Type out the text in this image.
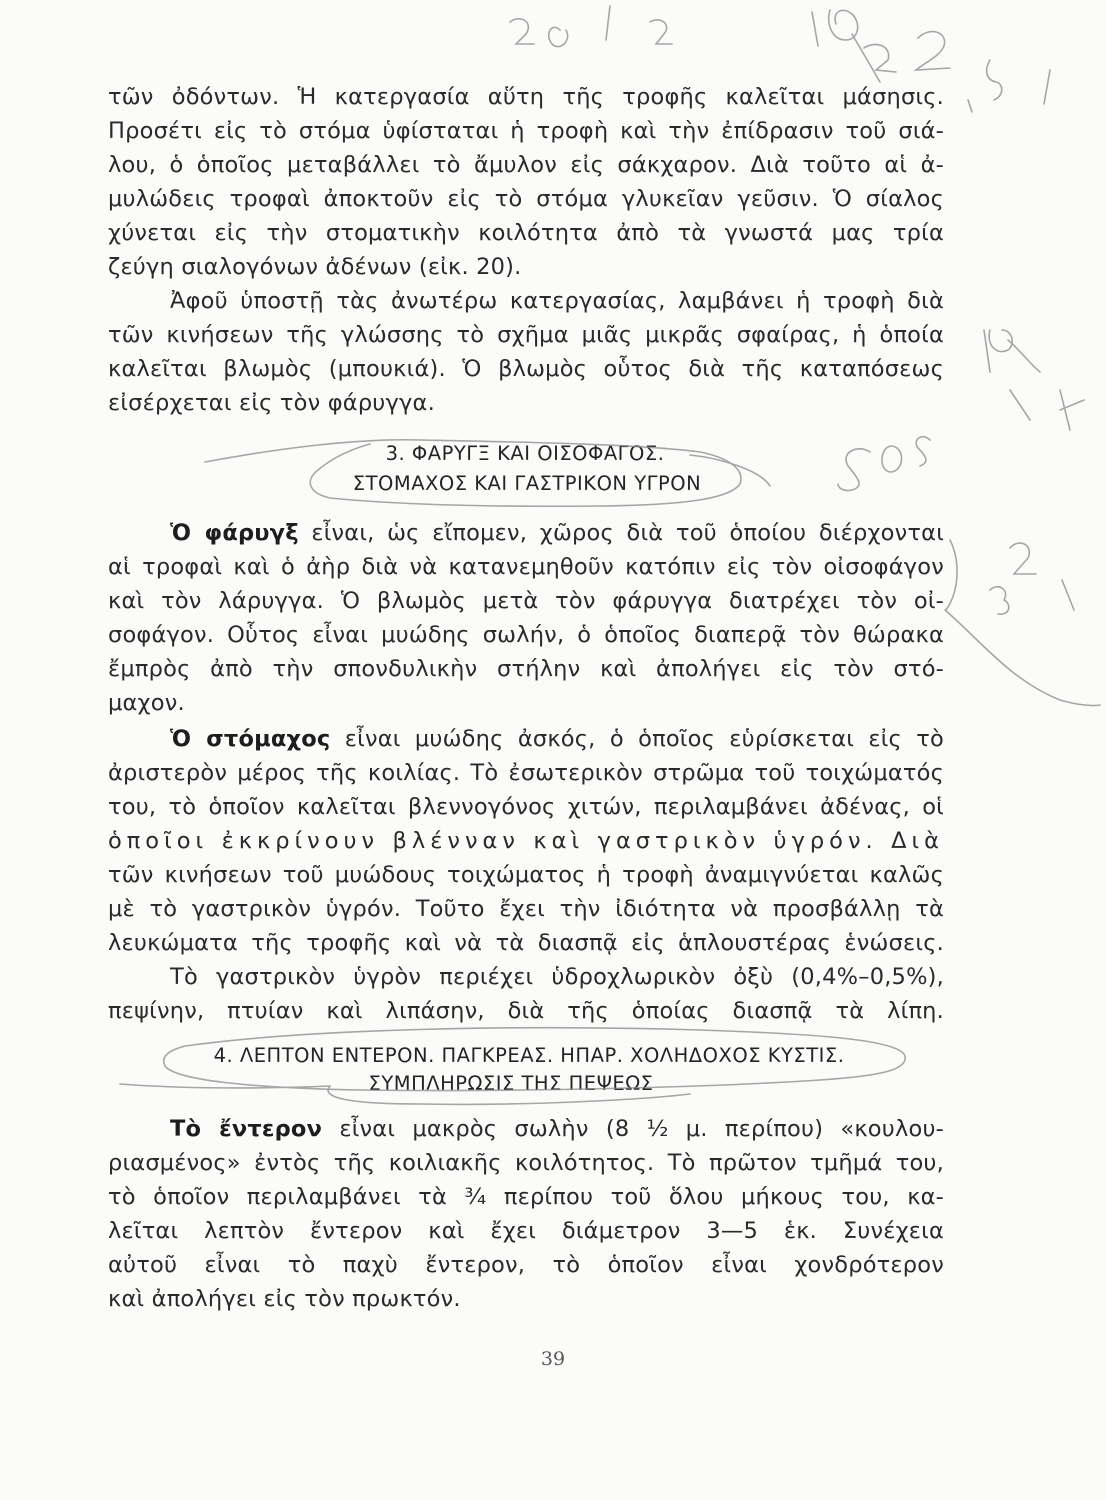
τῶν ὀδόντων. Ἡ κατεργασία αὕτη τῆς τροφῆς καλεῖται μάσησις.
Προσέτι εἰς τὸ στόμα ὑφίσταται ἡ τροφὴ καὶ τὴν ἐπίδρασιν τοῦ σιά-
λου, ὁ ὁποῖος μεταβάλλει τὸ ἄμυλον εἰς σάκχαρον. Διὰ τοῦτο αἱ ἀ-
μυλώδεις τροφαὶ ἀποκτοῦν εἰς τὸ στόμα γλυκεῖαν γεῦσιν. Ὁ σίαλος
χύνεται εἰς τὴν στοματικὴν κοιλότητα ἀπὸ τὰ γνωστά μας τρία
ζεύγη σιαλογόνων ἀδένων (εἰκ. 20).
Ἀφοῦ ὑποστῇ τὰς ἀνωτέρω κατεργασίας, λαμβάνει ἡ τροφὴ διὰ
τῶν κινήσεων τῆς γλώσσης τὸ σχῆμα μιᾶς μικρᾶς σφαίρας, ἡ ὁποία
καλεῖται βλωμὸς (μπουκιά). Ὁ βλωμὸς οὗτος διὰ τῆς καταπόσεως
εἰσέρχεται εἰς τὸν φάρυγγα.
3. ΦΑΡΥΓΞ ΚΑΙ ΟΙΣΟΦΑΓΟΣ.
ΣΤΟΜΑΧΟΣ ΚΑΙ ΓΑΣΤΡΙΚΟΝ ΥΓΡΟΝ
Ὁ φάρυγξ εἶναι, ὡς εἴπομεν, χῶρος διὰ τοῦ ὁποίου διέρχονται
αἱ τροφαὶ καὶ ὁ ἀὴρ διὰ νὰ κατανεμηθοῦν κατόπιν εἰς τὸν οἰσοφάγον
καὶ τὸν λάρυγγα. Ὁ βλωμὸς μετὰ τὸν φάρυγγα διατρέχει τὸν οἰ-
σοφάγον. Οὗτος εἶναι μυώδης σωλήν, ὁ ὁποῖος διαπερᾷ τὸν θώρακα
ἔμπρὸς ἀπὸ τὴν σπονδυλικὴν στήλην καὶ ἀπολήγει εἰς τὸν στό-
μαχον.
Ὁ στόμαχος εἶναι μυώδης ἀσκός, ὁ ὁποῖος εὑρίσκεται εἰς τὸ
ἀριστερὸν μέρος τῆς κοιλίας. Τὸ ἐσωτερικὸν στρῶμα τοῦ τοιχώματός
του, τὸ ὁποῖον καλεῖται βλεννογόνος χιτών, περιλαμβάνει ἀδένας, οἱ
ὁποῖοι ἐκκρίνουν βλένναν καὶ γαστρικὸν ὑγρόν. Διὰ
τῶν κινήσεων τοῦ μυώδους τοιχώματος ἡ τροφὴ ἀναμιγνύεται καλῶς
μὲ τὸ γαστρικὸν ὑγρόν. Τοῦτο ἔχει τὴν ἰδιότητα νὰ προσβάλλῃ τὰ
λευκώματα τῆς τροφῆς καὶ νὰ τὰ διασπᾷ εἰς ἁπλουστέρας ἑνώσεις.
Τὸ γαστρικὸν ὑγρὸν περιέχει ὑδροχλωρικὸν ὀξὺ (0,4%–0,5%),
πεψίνην, πτυίαν καὶ λιπάσην, διὰ τῆς ὁποίας διασπᾷ τὰ λίπη.
4. ΛΕΠΤΟΝ ΕΝΤΕΡΟΝ. ΠΑΓΚΡΕΑΣ. ΗΠΑΡ. ΧΟΛΗΔΟΧΟΣ ΚΥΣΤΙΣ.
ΣΥΜΠΛΗΡΩΣΙΣ ΤΗΣ ΠΕΨΕΩΣ
Τὸ ἔντερον εἶναι μακρὸς σωλὴν (8 ½ μ. περίπου) «κουλου-
ριασμένος» ἐντὸς τῆς κοιλιακῆς κοιλότητος. Τὸ πρῶτον τμῆμά του,
τὸ ὁποῖον περιλαμβάνει τὰ ¾ περίπου τοῦ ὅλου μήκους του, κα-
λεῖται λεπτὸν ἔντερον καὶ ἔχει διάμετρον 3—5 ἑκ. Συνέχεια
αὐτοῦ εἶναι τὸ παχὺ ἔντερον, τὸ ὁποῖον εἶναι χονδρότερον
καὶ ἀπολήγει εἰς τὸν πρωκτόν.
39
